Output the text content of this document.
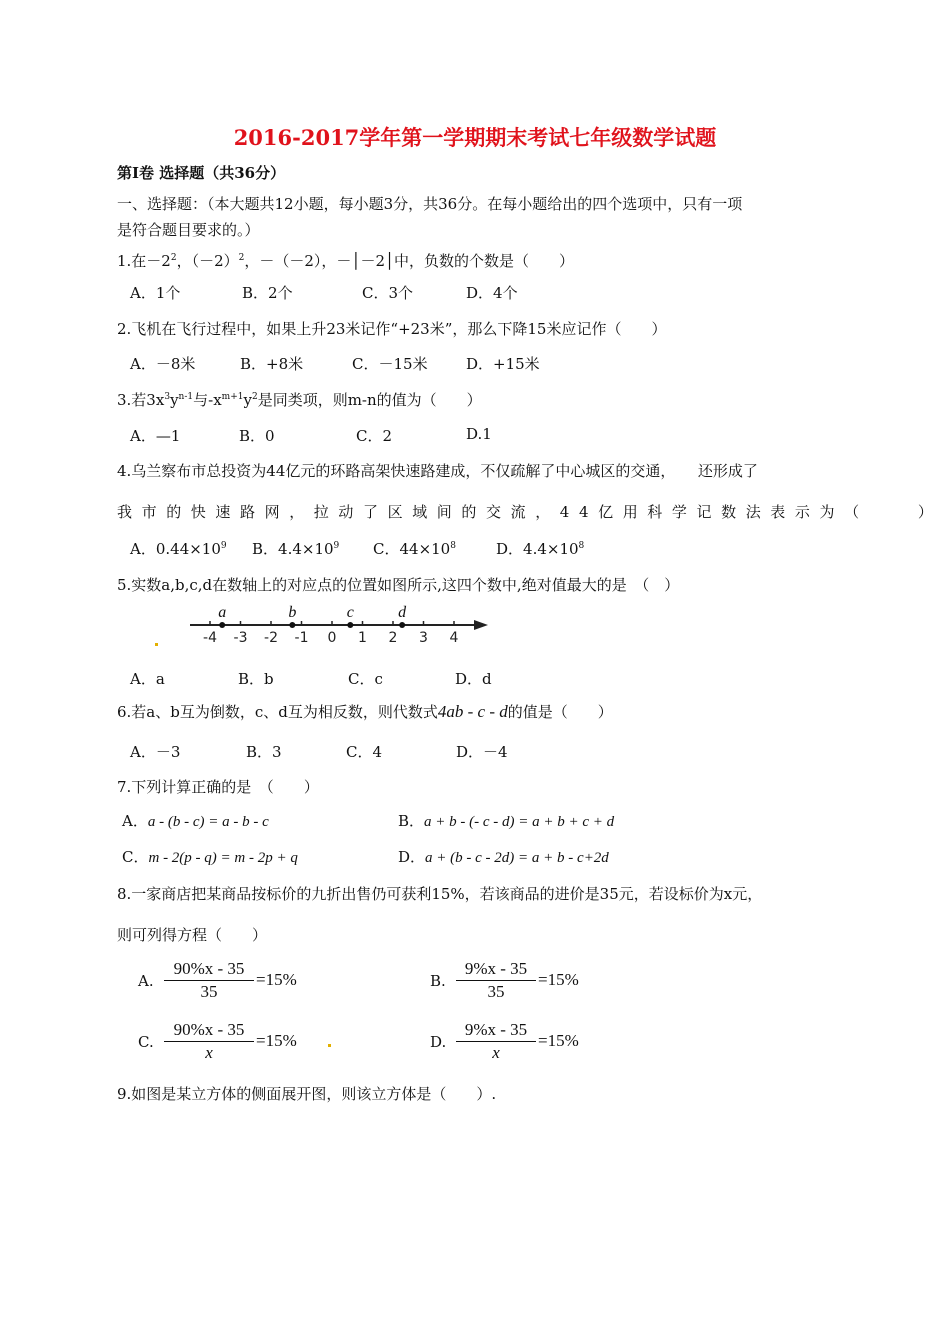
2016-2017学年第一学期期末考试七年级数学试题
第Ⅰ卷 选择题（共36分）
一、选择题：（本大题共12小题，每小题3分，共36分。在每小题给出的四个选项中，只有一项
是符合题目要求的。）
1.在$-2^2$，$(-2)^2$，－（－2），－│－2│中，负数的个数是（　　）
A．1个	B．2个	C．3个	D．4个
2.飞机在飞行过程中，如果上升23米记作“+23米”，那么下降15米应记作（　　）
A．－8米	B．+8米	C．－15米	D．+15米
3.若$3x^3y^{n-1}$与$-x^{m+1}y^2$是同类项，则m-n的值为（　　）
A．—1	B．0	C．2	D.1
4.乌兰察布市总投资为44亿元的环路高架快速路建成，不仅疏解了中心城区的交通，　　还形成了
我市的快速路网，拉动了区域间的交流，44亿用科学记数法表示为（　　）
A．$0.44\times 10^9$ B．$4.4\times 10^9$ C．$44\times 10^8$	D．$4.4\times 10^8$
5.实数a,b,c,d在数轴上的对应点的位置如图所示,这四个数中,绝对值最大的是　（　）
-4 -3 -2 -1 0 1 2 3 4
a	b	c	d
A．a	B．b	C．c	D．d
6.若a、b互为倒数，c、d互为相反数，则代数式4ab - c - d的值是（　　）
A．－3	B．3	C．4	D．－4
7.下列计算正确的是　（　　）
A．a - (b - c) = a - b - c	B．a + b - (- c - d) = a + b + c + d
C．m - 2(p - q) = m - 2p + q	D．a + (b - c - 2d) = a + b - c+2d
8.一家商店把某商品按标价的九折出售仍可获利15%，若该商品的进价是35元，若设标价为x元，
则可列得方程（　　）
A. $\frac{90\%x - 35}{35} =15\%$	B. $\frac{9\%x - 35}{35} =15\%$
C. $\frac{90\%x - 35}{x} =15\%$	D. $\frac{9\%x - 35}{x} =15\%$
9.如图是某立方体的侧面展开图，则该立方体是（　　）.
